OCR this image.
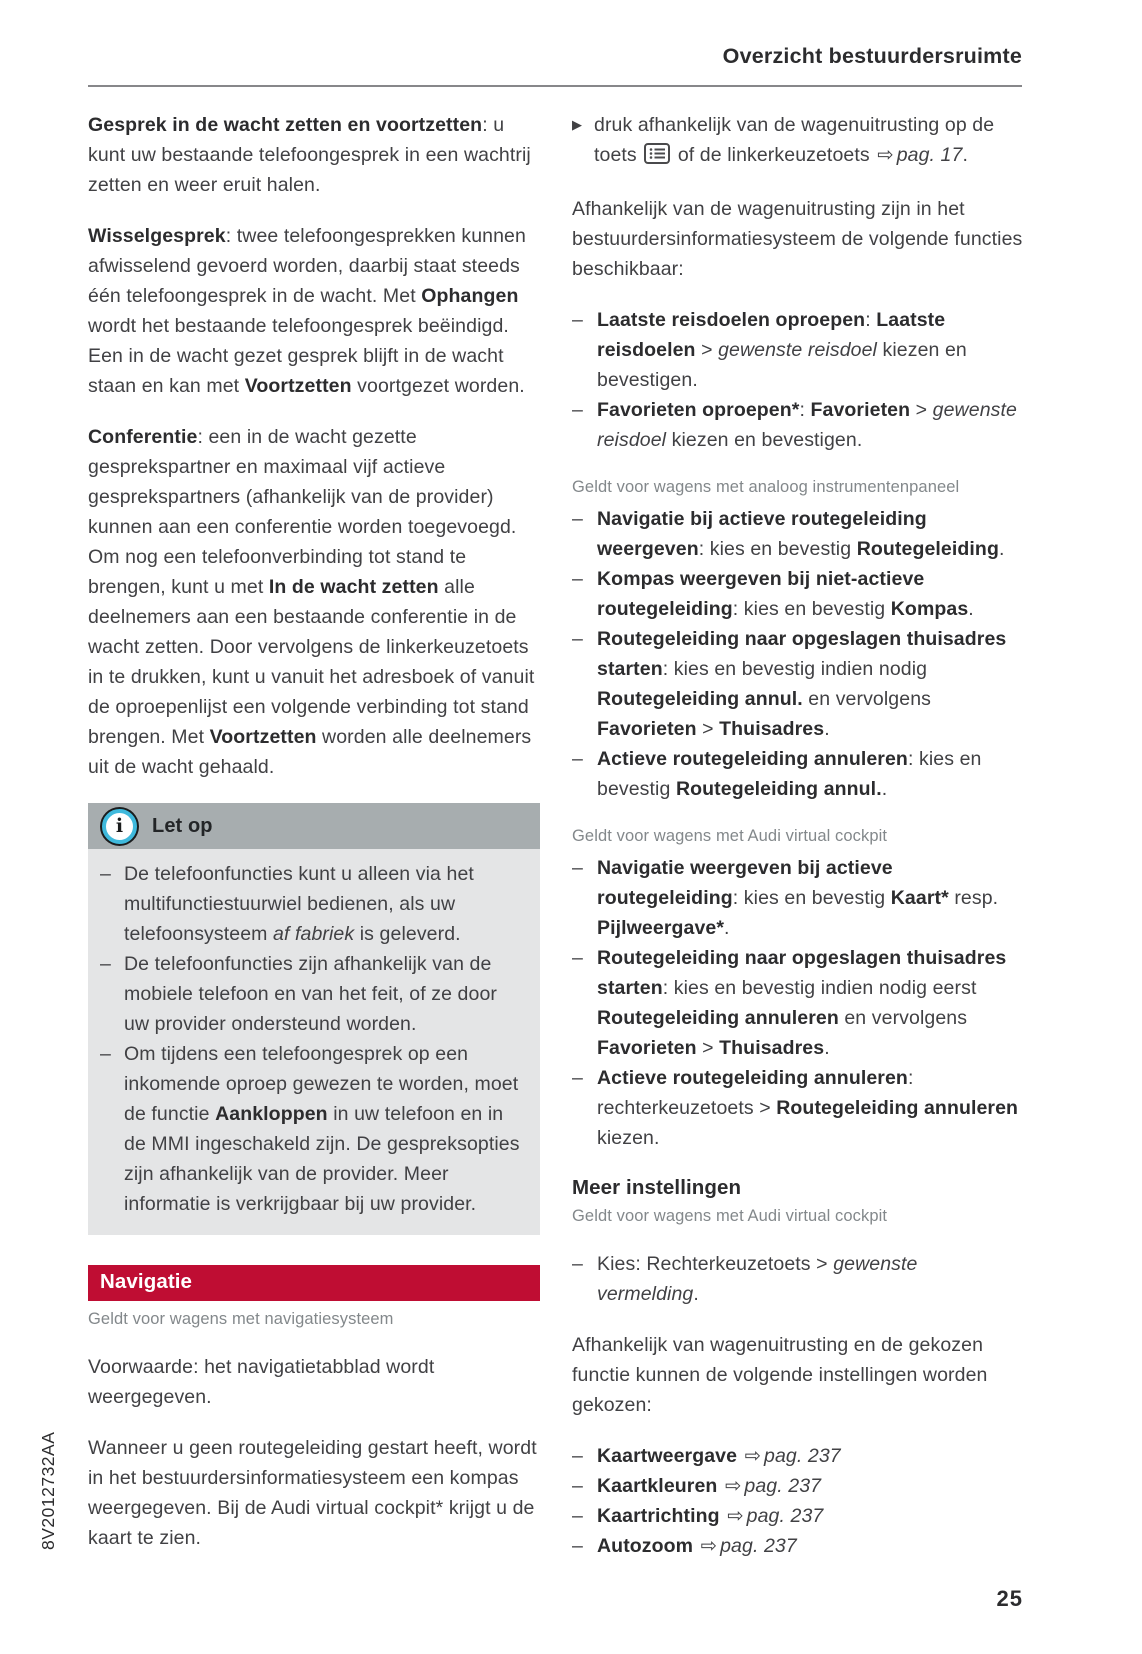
Overzicht bestuurdersruimte

Gesprek in de wacht zetten en voortzetten: u kunt uw bestaande telefoongesprek in een wachtrij zetten en weer eruit halen.

Wisselgesprek: twee telefoongesprekken kunnen afwisselend gevoerd worden, daarbij staat steeds één telefoongesprek in de wacht. Met Ophangen wordt het bestaande telefoongesprek beëindigd. Een in de wacht gezet gesprek blijft in de wacht staan en kan met Voortzetten voortgezet worden.

Conferentie: een in de wacht gezette gesprekspartner en maximaal vijf actieve gesprekspartners (afhankelijk van de provider) kunnen aan een conferentie worden toegevoegd. Om nog een telefoonverbinding tot stand te brengen, kunt u met In de wacht zetten alle deelnemers aan een bestaande conferentie in de wacht zetten. Door vervolgens de linkerkeuzetoets in te drukken, kunt u vanuit het adresboek of vanuit de oproepenlijst een volgende verbinding tot stand brengen. Met Voortzetten worden alle deelnemers uit de wacht gehaald.

i	Let op
– De telefoonfuncties kunt u alleen via het multifunctiestuurwiel bedienen, als uw telefoonsysteem af fabriek is geleverd.
– De telefoonfuncties zijn afhankelijk van de mobiele telefoon en van het feit, of ze door uw provider ondersteund worden.
– Om tijdens een telefoongesprek op een inkomende oproep gewezen te worden, moet de functie Aankloppen in uw telefoon en in de MMI ingeschakeld zijn. De gespreksopties zijn afhankelijk van de provider. Meer informatie is verkrijgbaar bij uw provider.
Navigatie
Geldt voor wagens met navigatiesysteem

Voorwaarde: het navigatietabblad wordt weergegeven.

Wanneer u geen routegeleiding gestart heeft, wordt in het bestuurdersinformatiesysteem een kompas weergegeven. Bij de Audi virtual cockpit* krijgt u de kaart te zien.

▶ druk afhankelijk van de wagenuitrusting op de toets  of de linkerkeuzetoets ⇨ pag. 17.

Afhankelijk van de wagenuitrusting zijn in het bestuurdersinformatiesysteem de volgende functies beschikbaar:

– Laatste reisdoelen oproepen: Laatste reisdoelen > gewenste reisdoel kiezen en bevestigen.
– Favorieten oproepen*: Favorieten > gewenste reisdoel kiezen en bevestigen.
Geldt voor wagens met analoog instrumentenpaneel
– Navigatie bij actieve routegeleiding weergeven: kies en bevestig Routegeleiding.
– Kompas weergeven bij niet-actieve routegeleiding: kies en bevestig Kompas.
– Routegeleiding naar opgeslagen thuisadres starten: kies en bevestig indien nodig Routegeleiding annul. en vervolgens Favorieten > Thuisadres.
– Actieve routegeleiding annuleren: kies en bevestig Routegeleiding annul..
Geldt voor wagens met Audi virtual cockpit
– Navigatie weergeven bij actieve routegeleiding: kies en bevestig Kaart* resp. Pijlweergave*.
– Routegeleiding naar opgeslagen thuisadres starten: kies en bevestig indien nodig eerst Routegeleiding annuleren en vervolgens Favorieten > Thuisadres.
– Actieve routegeleiding annuleren: rechterkeuzetoets > Routegeleiding annuleren kiezen.
Meer instellingen
Geldt voor wagens met Audi virtual cockpit
– Kies: Rechterkeuzetoets > gewenste vermelding.

Afhankelijk van wagenuitrusting en de gekozen functie kunnen de volgende instellingen worden gekozen:

– Kaartweergave ⇨ pag. 237
– Kaartkleuren ⇨ pag. 237
– Kaartrichting ⇨ pag. 237
– Autozoom ⇨ pag. 237
8V2012732AA
25
